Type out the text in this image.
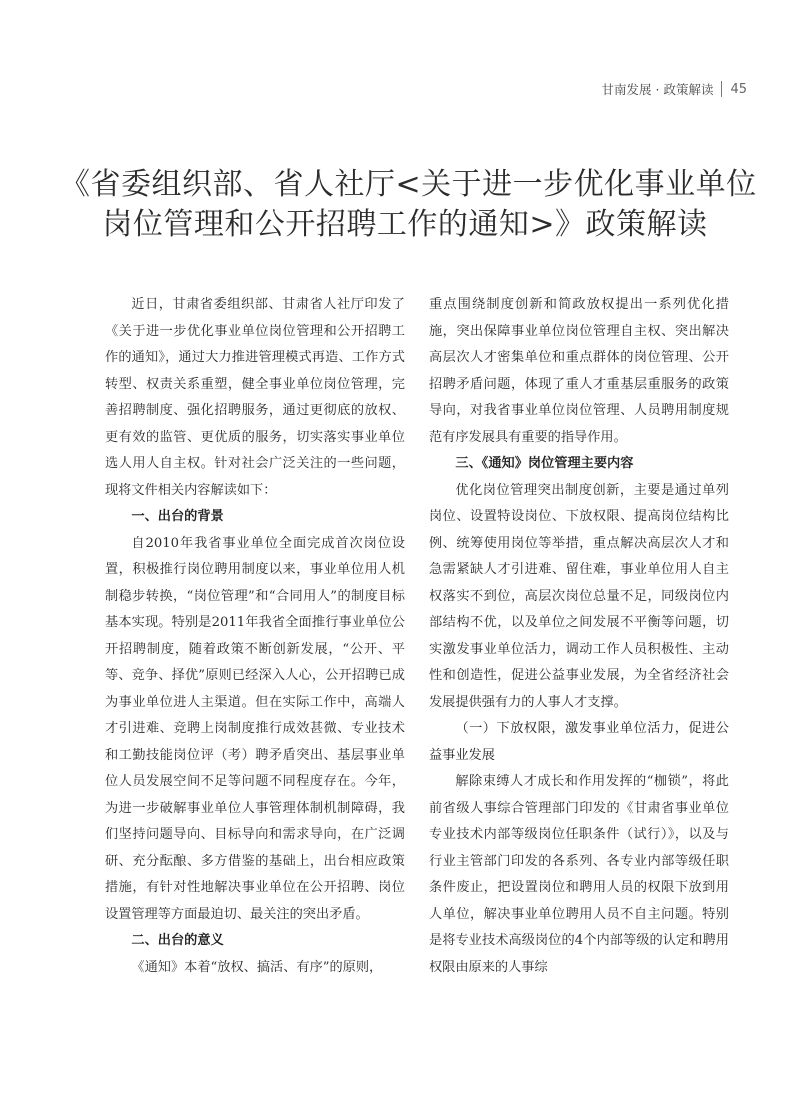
甘南发展 · 政策解读 45
《省委组织部、省人社厅<关于进一步优化事业单位
岗位管理和公开招聘工作的通知>》政策解读

近日，甘肃省委组织部、甘肃省人社厅印发了《关于进一步优化事业单位岗位管理和公开招聘工作的通知》，通过大力推进管理模式再造、工作方式转型、权责关系重塑，健全事业单位岗位管理，完善招聘制度、强化招聘服务，通过更彻底的放权、更有效的监管、更优质的服务，切实落实事业单位选人用人自主权。针对社会广泛关注的一些问题，现将文件相关内容解读如下：

一、出台的背景

自2010年我省事业单位全面完成首次岗位设置，积极推行岗位聘用制度以来，事业单位用人机制稳步转换，“岗位管理”和“合同用人”的制度目标基本实现。特别是2011年我省全面推行事业单位公开招聘制度，随着政策不断创新发展，“公开、平等、竞争、择优”原则已经深入人心，公开招聘已成为事业单位进人主渠道。但在实际工作中，高端人才引进难、竞聘上岗制度推行成效甚微、专业技术和工勤技能岗位评（考）聘矛盾突出、基层事业单位人员发展空间不足等问题不同程度存在。今年，为进一步破解事业单位人事管理体制机制障碍，我们坚持问题导向、目标导向和需求导向，在广泛调研、充分酝酿、多方借鉴的基础上，出台相应政策措施，有针对性地解决事业单位在公开招聘、岗位设置管理等方面最迫切、最关注的突出矛盾。

二、出台的意义

《通知》本着“放权、搞活、有序”的原则，

重点围绕制度创新和简政放权提出一系列优化措施，突出保障事业单位岗位管理自主权、突出解决高层次人才密集单位和重点群体的岗位管理、公开招聘矛盾问题，体现了重人才重基层重服务的政策导向，对我省事业单位岗位管理、人员聘用制度规范有序发展具有重要的指导作用。

三、《通知》岗位管理主要内容

优化岗位管理突出制度创新，主要是通过单列岗位、设置特设岗位、下放权限、提高岗位结构比例、统筹使用岗位等举措，重点解决高层次人才和急需紧缺人才引进难、留住难，事业单位用人自主权落实不到位，高层次岗位总量不足，同级岗位内部结构不优，以及单位之间发展不平衡等问题，切实激发事业单位活力，调动工作人员积极性、主动性和创造性，促进公益事业发展，为全省经济社会发展提供强有力的人事人才支撑。

（一）下放权限，激发事业单位活力，促进公益事业发展

解除束缚人才成长和作用发挥的“枷锁”，将此前省级人事综合管理部门印发的《甘肃省事业单位专业技术内部等级岗位任职条件（试行）》，以及与行业主管部门印发的各系列、各专业内部等级任职条件废止，把设置岗位和聘用人员的权限下放到用人单位，解决事业单位聘用人员不自主问题。特别是将专业技术高级岗位的4个内部等级的认定和聘用权限由原来的人事综
